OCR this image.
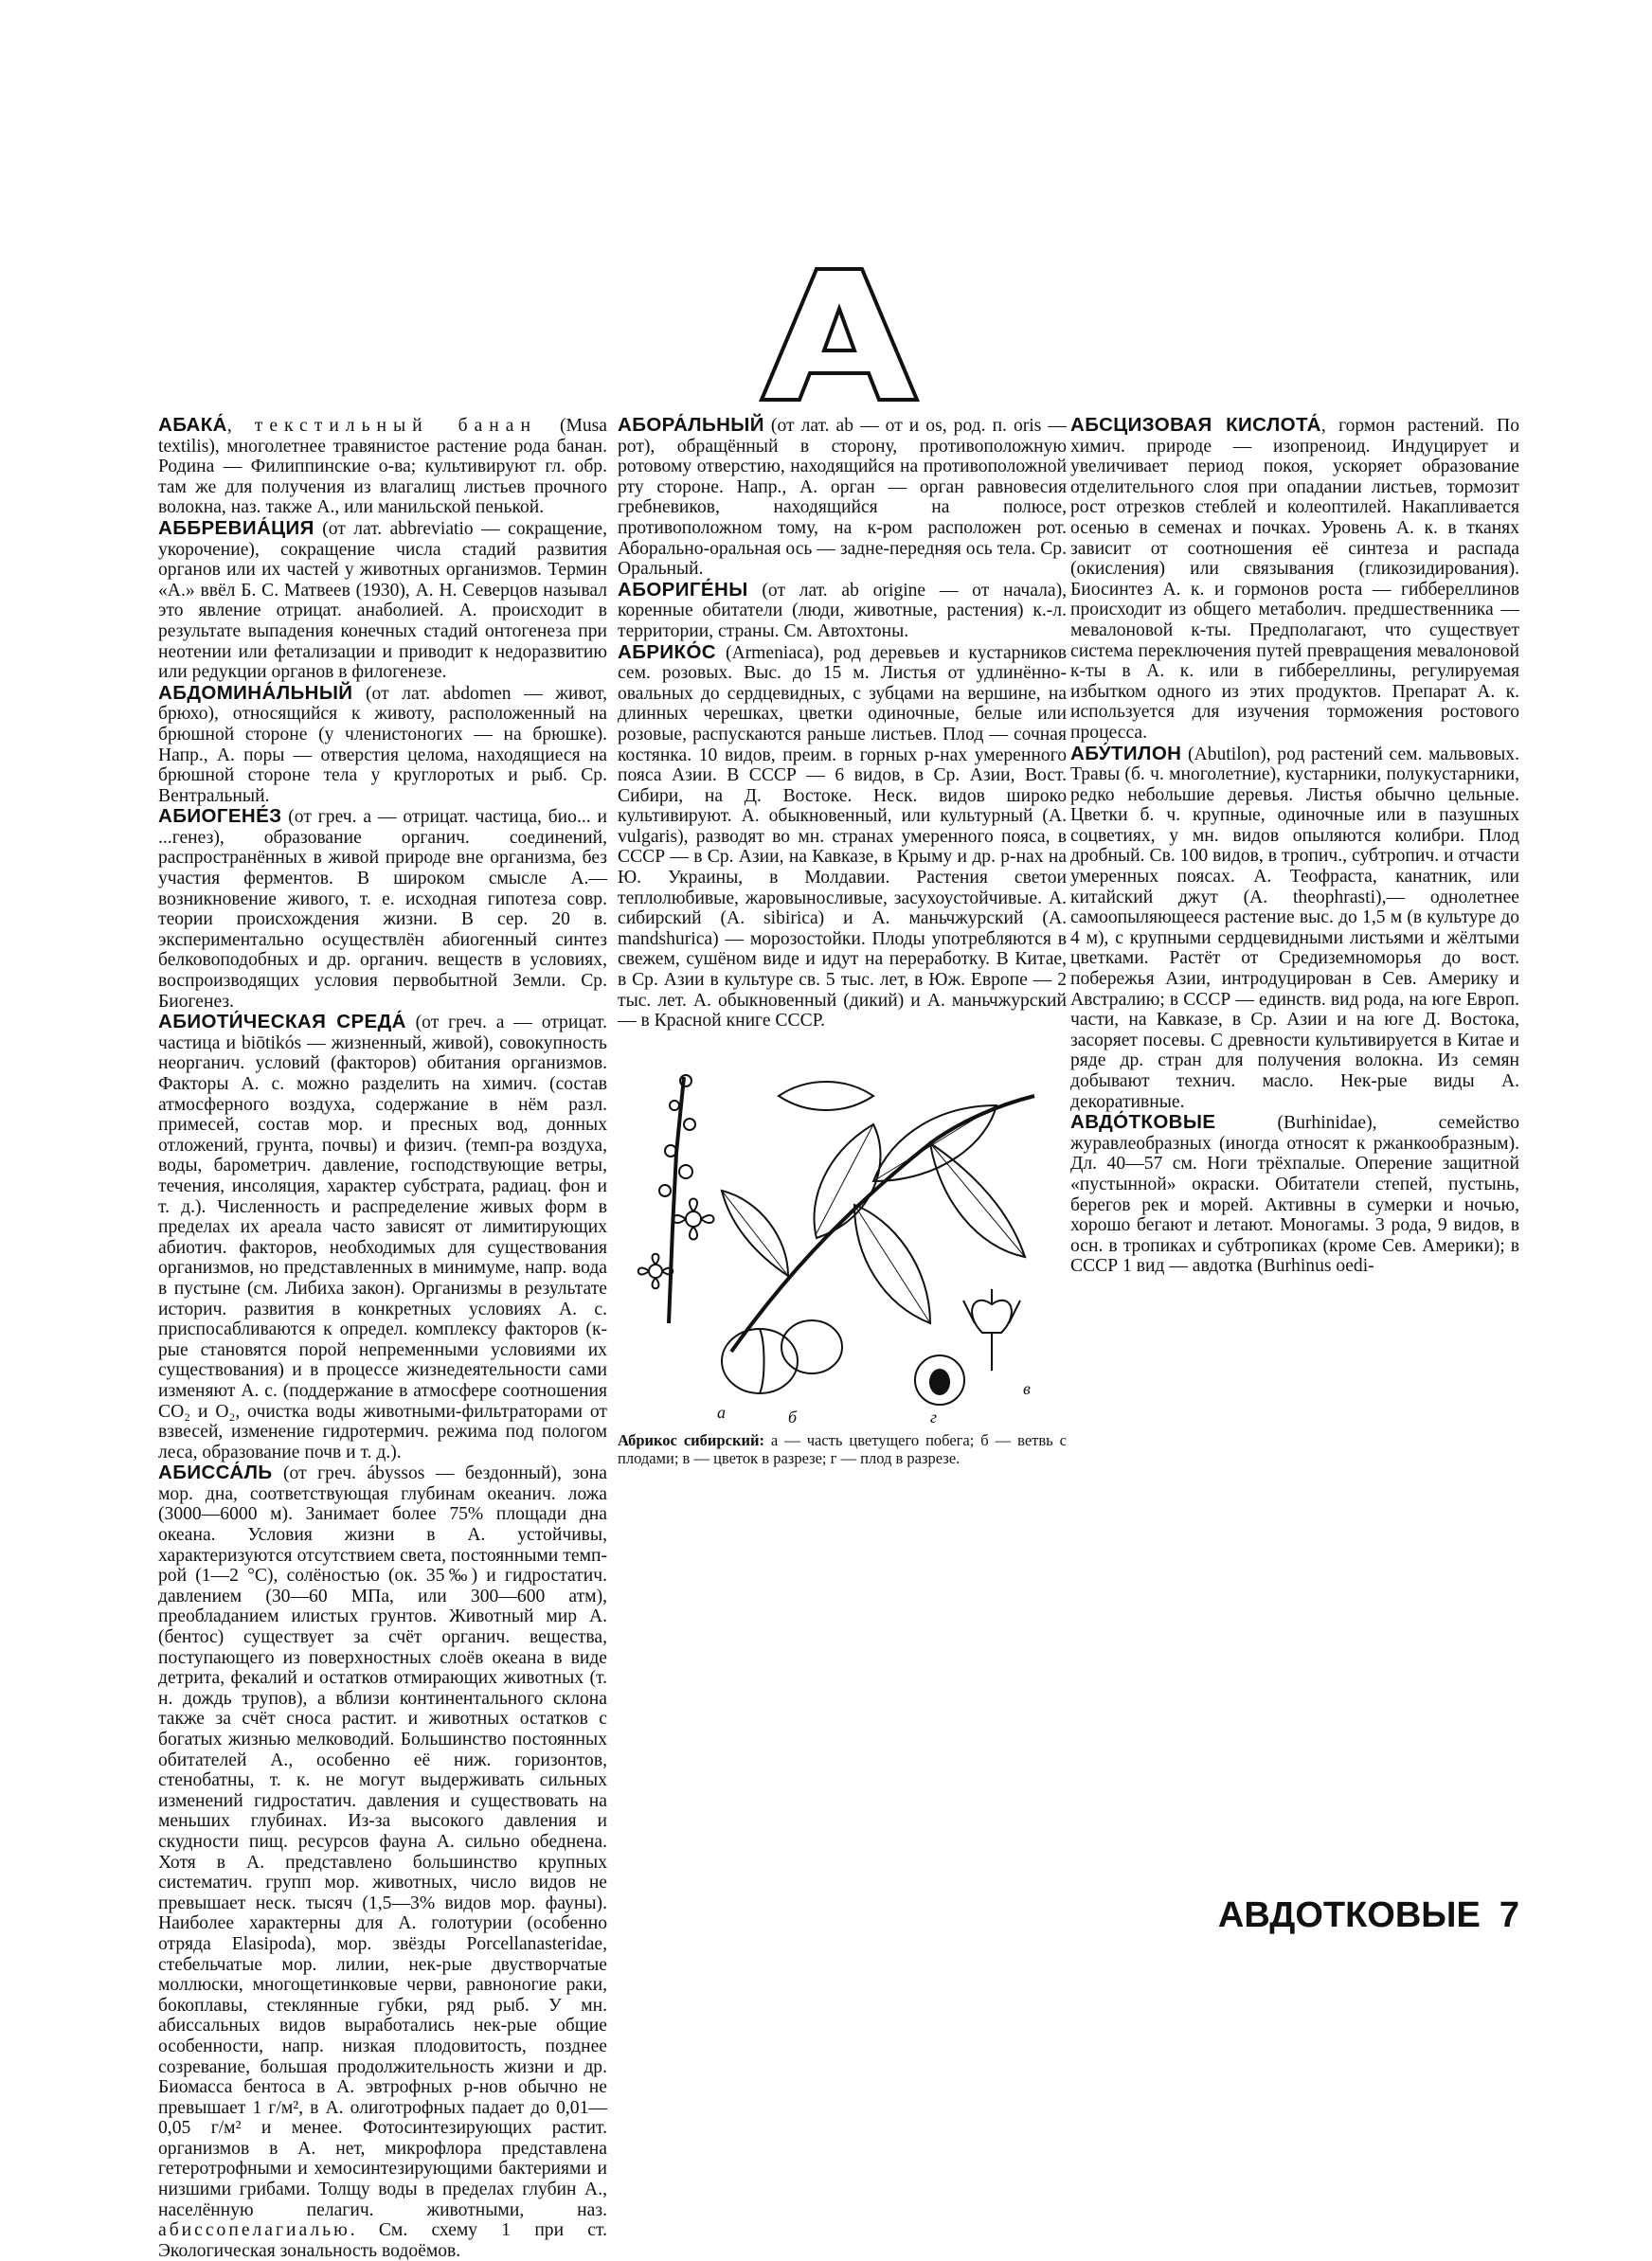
АБАКА́, текстильный банан (Musa textilis), многолетнее травянистое растение рода банан. Родина — Филиппинские о-ва; культивируют гл. обр. там же для получения из влагалищ листьев прочного волокна, наз. также А., или манильской пенькой.

АББРЕВИА́ЦИЯ (от лат. abbreviatio — сокращение, укорочение), сокращение числа стадий развития органов или их частей у животных организмов. Термин «А.» ввёл Б. С. Матвеев (1930), А. Н. Северцов называл это явление отрицат. анаболией. А. происходит в результате выпадения конечных стадий онтогенеза при неотении или фетализации и приводит к недоразвитию или редукции органов в филогенезе.

АБДОМИНА́ЛЬНЫЙ (от лат. abdomen — живот, брюхо), относящийся к животу, расположенный на брюшной стороне (у членистоногих — на брюшке). Напр., А. поры — отверстия целома, находящиеся на брюшной стороне тела у круглоротых и рыб. Ср. Вентральный.

АБИОГЕНЕ́З (от греч. а — отрицат. частица, био... и ...генез), образование органич. соединений, распространённых в живой природе вне организма, без участия ферментов. В широком смысле А.— возникновение живого, т. е. исходная гипотеза совр. теории происхождения жизни. В сер. 20 в. экспериментально осуществлён абиогенный синтез белковоподобных и др. органич. веществ в условиях, воспроизводящих условия первобытной Земли. Ср. Биогенез.

АБИОТИ́ЧЕСКАЯ СРЕДА́ (от греч. а — отрицат. частица и biōtikós — жизненный, живой), совокупность неорганич. условий (факторов) обитания организмов. Факторы А. с. можно разделить на химич. (состав атмосферного воздуха, содержание в нём разл. примесей, состав мор. и пресных вод, донных отложений, грунта, почвы) и физич. (темп-ра воздуха, воды, барометрич. давление, господствующие ветры, течения, инсоляция, характер субстрата, радиац. фон и т. д.). Численность и распределение живых форм в пределах их ареала часто зависят от лимитирующих абиотич. факторов, необходимых для существования организмов, но представленных в минимуме, напр. вода в пустыне (см. Либиха закон). Организмы в результате историч. развития в конкретных условиях А. с. приспосабливаются к определ. комплексу факторов (к-рые становятся порой непременными условиями их существования) и в процессе жизнедеятельности сами изменяют А. с. (поддержание в атмосфере соотношения CO₂ и O₂, очистка воды животными-фильтраторами от взвесей, изменение гидротермич. режима под пологом леса, образование почв и т. д.).

АБИССА́ЛЬ (от греч. ábyssos — бездонный), зона мор. дна, соответствующая глубинам океанич. ложа (3000—6000 м). Занимает более 75% площади дна океана. Условия жизни в А. устойчивы, характеризуются отсутствием света, постоянными темп-рой (1—2 °С), солёностью (ок. 35‰) и гидростатич. давлением (30—60 МПа, или 300—600 атм), преобладанием илистых грунтов. Животный мир А. (бентос) существует за счёт органич. вещества, поступающего из поверхностных слоёв океана в виде детрита, фекалий и остатков отмирающих животных (т. н. дождь трупов), а вблизи континентального склона также за счёт сноса растит. и животных остатков с богатых жизнью мелководий. Большинство постоянных обитателей А., особенно её ниж. горизонтов, стенобатны, т. к. не могут выдерживать сильных изменений гидростатич. давления и существовать на меньших глубинах. Из-за высокого давления и скудности пищ. ресурсов фауна А. сильно обеднена. Хотя в А. представлено большинство крупных систематич. групп мор. животных, число видов не превышает неск. тысяч (1,5—3% видов мор. фауны). Наиболее характерны для А. голотурии (особенно отряда Elasipoda), мор. звёзды Porcellanasteridae, стебельчатые мор. лилии, нек-рые двустворчатые моллюски, многощетинковые черви, равноногие раки, бокоплавы, стеклянные губки, ряд рыб. У мн. абиссальных видов выработались нек-рые общие особенности, напр. низкая плодовитость, позднее созревание, большая продолжительность жизни и др. Биомасса бентоса в А. эвтрофных р-нов обычно не превышает 1 г/м², в А. олиготрофных падает до 0,01—0,05 г/м² и менее. Фотосинтезирующих растит. организмов в А. нет, микрофлора представлена гетеротрофными и хемосинтезирующими бактериями и низшими грибами. Толщу воды в пределах глубин А., населённую пелагич. животными, наз. абиссопелагиалью. См. схему 1 при ст. Экологическая зональность водоёмов.

АБОРА́ЛЬНЫЙ (от лат. ab — от и os, род. п. oris — рот), обращённый в сторону, противоположную ротовому отверстию, находящийся на противоположной рту стороне. Напр., А. орган — орган равновесия гребневиков, находящийся на полюсе, противоположном тому, на к-ром расположен рот. Аборально-оральная ось — задне-передняя ось тела. Ср. Оральный.

АБОРИГЕ́НЫ (от лат. ab origine — от начала), коренные обитатели (люди, животные, растения) к.-л. территории, страны. См. Автохтоны.

АБРИКО́С (Armeniaca), род деревьев и кустарников сем. розовых. Выс. до 15 м. Листья от удлинённо-овальных до сердцевидных, с зубцами на вершине, на длинных черешках, цветки одиночные, белые или розовые, распускаются раньше листьев. Плод — сочная костянка. 10 видов, преим. в горных р-нах умеренного пояса Азии. В СССР — 6 видов, в Ср. Азии, Вост. Сибири, на Д. Востоке. Неск. видов широко культивируют. А. обыкновенный, или культурный (A. vulgaris), разводят во мн. странах умеренного пояса, в СССР — в Ср. Азии, на Кавказе, в Крыму и др. р-нах на Ю. Украины, в Молдавии. Растения светои теплолюбивые, жаровыносливые, засухоустойчивые. А. сибирский (A. sibirica) и А. маньчжурский (A. mandshurica) — морозостойки. Плоды употребляются в свежем, сушёном виде и идут на переработку. В Китае, в Ср. Азии в культуре св. 5 тыс. лет, в Юж. Европе — 2 тыс. лет. А. обыкновенный (дикий) и А. маньчжурский — в Красной книге СССР.

а	б
в
г
Абрикос сибирский: а — часть цветущего побега; б — ветвь с плодами; в — цветок в разрезе; г — плод в разрезе.

АБСЦИЗОВАЯ КИСЛОТА́, гормон растений. По химич. природе — изопреноид. Индуцирует и увеличивает период покоя, ускоряет образование отделительного слоя при опадании листьев, тормозит рост отрезков стеблей и колеоптилей. Накапливается осенью в семенах и почках. Уровень А. к. в тканях зависит от соотношения её синтеза и распада (окисления) или связывания (гликозидирования). Биосинтез А. к. и гормонов роста — гиббереллинов происходит из общего метаболич. предшественника — мевалоновой к-ты. Предполагают, что существует система переключения путей превращения мевалоновой к-ты в А. к. или в гиббереллины, регулируемая избытком одного из этих продуктов. Препарат А. к. используется для изучения торможения ростового процесса.

АБУ́ТИЛОН (Abutilon), род растений сем. мальвовых. Травы (б. ч. многолетние), кустарники, полукустарники, редко небольшие деревья. Листья обычно цельные. Цветки б. ч. крупные, одиночные или в пазушных соцветиях, у мн. видов опыляются колибри. Плод дробный. Св. 100 видов, в тропич., субтропич. и отчасти умеренных поясах. А. Теофраста, канатник, или китайский джут (A. theophrasti),— однолетнее самоопыляющееся растение выс. до 1,5 м (в культуре до 4 м), с крупными сердцевидными листьями и жёлтыми цветками. Растёт от Средиземноморья до вост. побережья Азии, интродуцирован в Сев. Америку и Австралию; в СССР — единств. вид рода, на юге Европ. части, на Кавказе, в Ср. Азии и на юге Д. Востока, засоряет посевы. С древности культивируется в Китае и ряде др. стран для получения волокна. Из семян добывают технич. масло. Нек-рые виды А. декоративные.

АВДО́ТКОВЫЕ (Burhinidae), семейство журавлеобразных (иногда относят к ржанкообразным). Дл. 40—57 см. Ноги трёхпалые. Оперение защитной «пустынной» окраски. Обитатели степей, пустынь, берегов рек и морей. Активны в сумерки и ночью, хорошо бегают и летают. Моногамы. 3 рода, 9 видов, в осн. в тропиках и субтропиках (кроме Сев. Америки); в СССР 1 вид — авдотка (Burhinus oedi-

АВДОТКОВЫЕ 7
